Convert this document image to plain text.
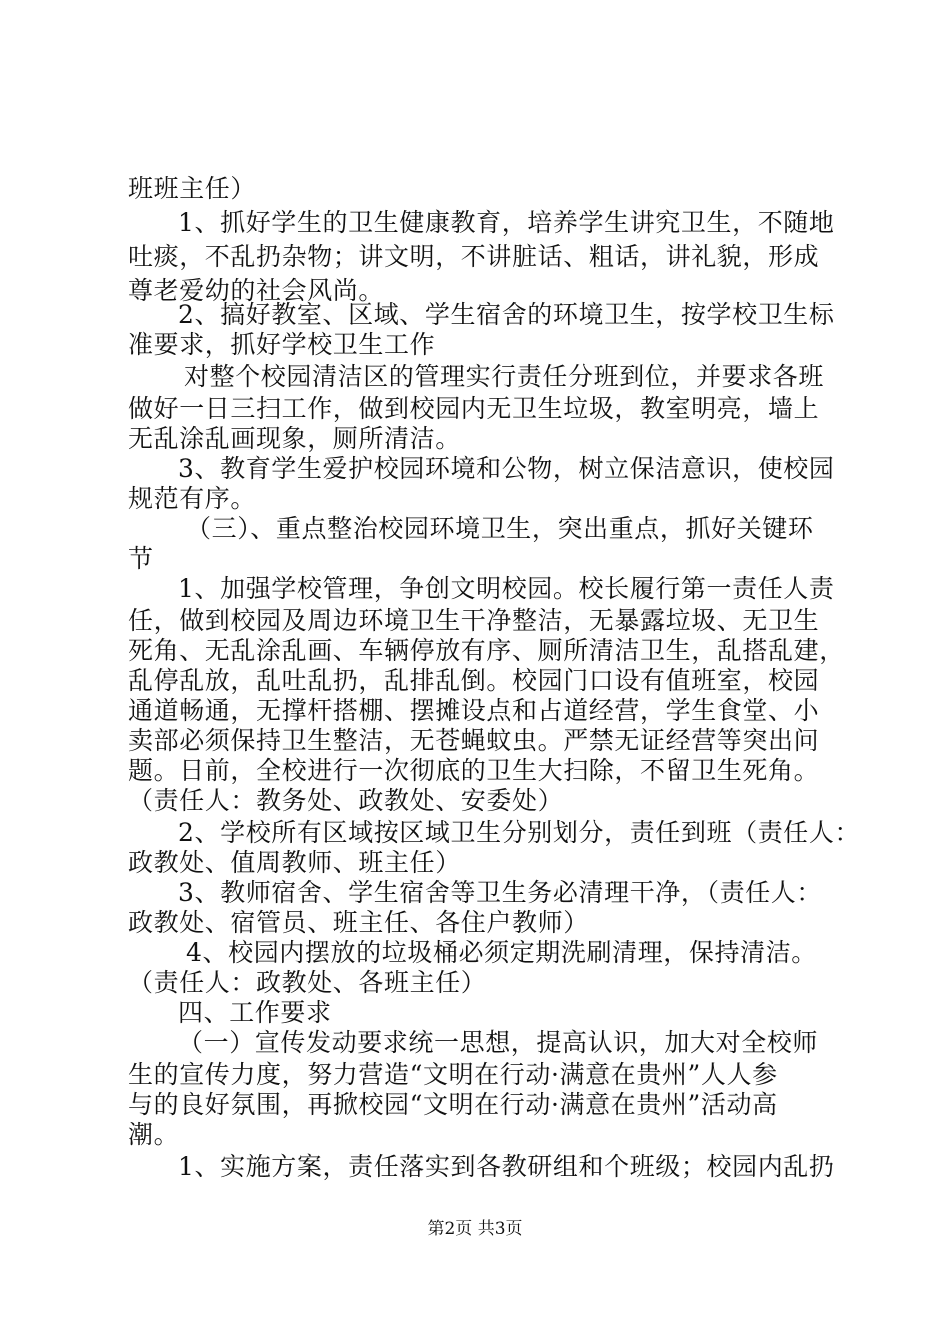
班班主任）
1、抓好学生的卫生健康教育，培养学生讲究卫生，不随地
吐痰，不乱扔杂物；讲文明，不讲脏话、粗话，讲礼貌，形成
尊老爱幼的社会风尚。
2、搞好教室、区域、学生宿舍的环境卫生，按学校卫生标
准要求，抓好学校卫生工作
对整个校园清洁区的管理实行责任分班到位，并要求各班
做好一日三扫工作，做到校园内无卫生垃圾，教室明亮，墙上
无乱涂乱画现象，厕所清洁。
3、教育学生爱护校园环境和公物，树立保洁意识，使校园
规范有序。
（三）、重点整治校园环境卫生，突出重点，抓好关键环
节
1、加强学校管理，争创文明校园。校长履行第一责任人责
任，做到校园及周边环境卫生干净整洁，无暴露垃圾、无卫生
死角、无乱涂乱画、车辆停放有序、厕所清洁卫生，乱搭乱建，
乱停乱放，乱吐乱扔，乱排乱倒。校园门口设有值班室，校园
通道畅通，无撑杆搭棚、摆摊设点和占道经营，学生食堂、小
卖部必须保持卫生整洁，无苍蝇蚊虫。严禁无证经营等突出问
题。日前，全校进行一次彻底的卫生大扫除，不留卫生死角。
（责任人：教务处、政教处、安委处）
2、学校所有区域按区域卫生分别划分，责任到班（责任人：
政教处、值周教师、班主任）
3、教师宿舍、学生宿舍等卫生务必清理干净，（责任人：
政教处、宿管员、班主任、各住户教师）
4、校园内摆放的垃圾桶必须定期洗刷清理，保持清洁。
（责任人：政教处、各班主任）
四、工作要求
（一）宣传发动要求统一思想，提高认识，加大对全校师
生的宣传力度，努力营造“文明在行动·满意在贵州”人人参
与的良好氛围，再掀校园“文明在行动·满意在贵州”活动高
潮。
1、实施方案，责任落实到各教研组和个班级；校园内乱扔
第2页 共3页
